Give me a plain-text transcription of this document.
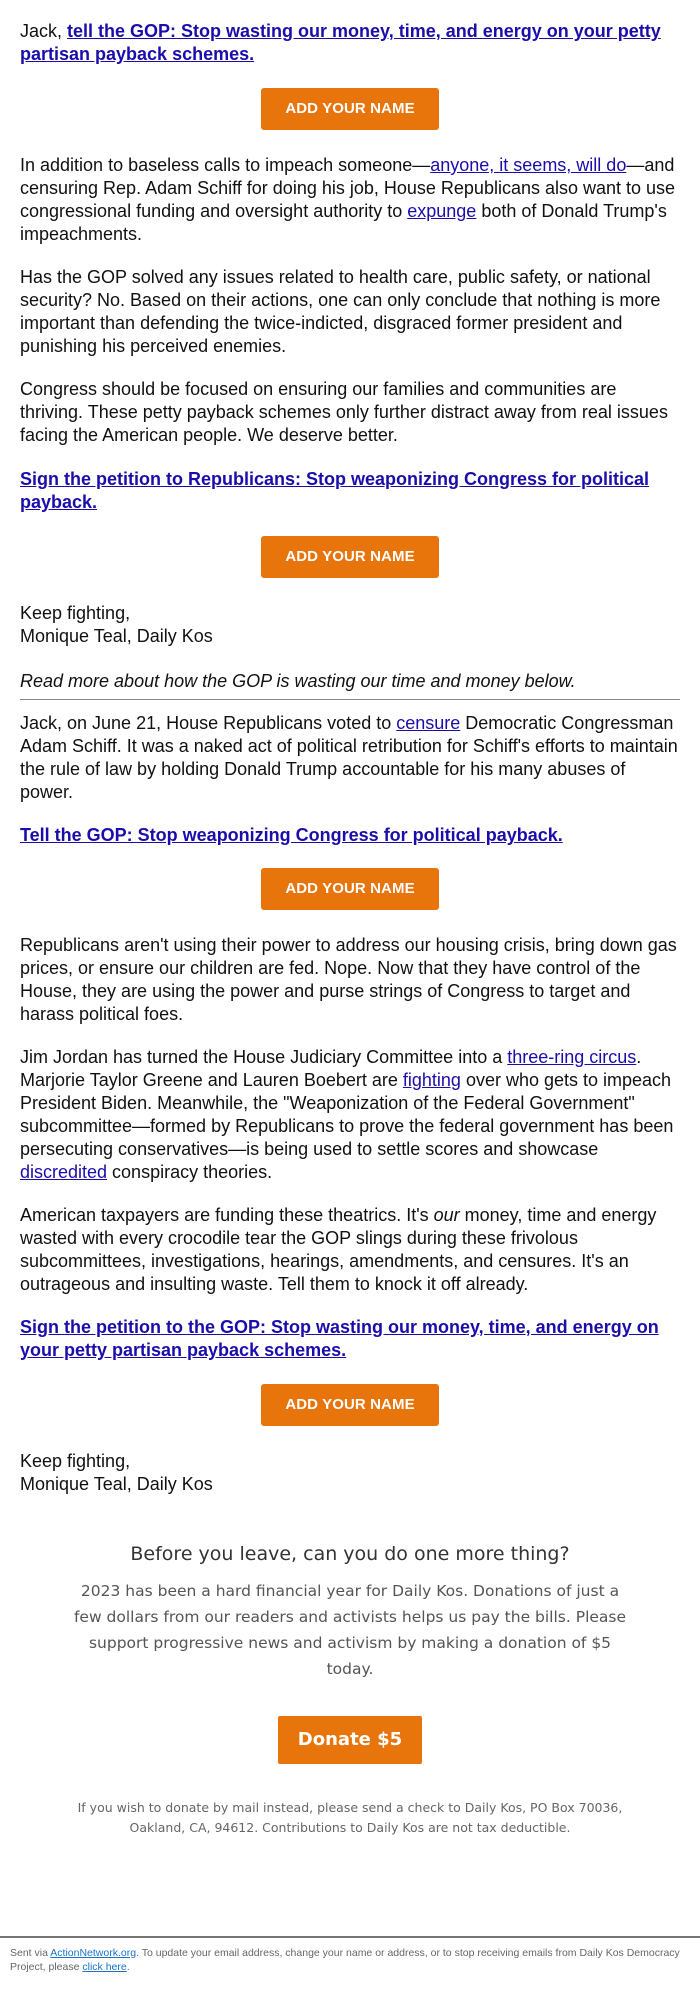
Jack, tell the GOP: Stop wasting our money, time, and energy on your petty partisan payback schemes.

ADD YOUR NAME

In addition to baseless calls to impeach someone—anyone, it seems, will do—and censuring Rep. Adam Schiff for doing his job, House Republicans also want to use congressional funding and oversight authority to expunge both of Donald Trump's impeachments.

Has the GOP solved any issues related to health care, public safety, or national security? No. Based on their actions, one can only conclude that nothing is more important than defending the twice-indicted, disgraced former president and punishing his perceived enemies.

Congress should be focused on ensuring our families and communities are thriving. These petty payback schemes only further distract away from real issues facing the American people. We deserve better.

Sign the petition to Republicans: Stop weaponizing Congress for political payback.

ADD YOUR NAME

Keep fighting,
Monique Teal, Daily Kos

Read more about how the GOP is wasting our time and money below.

Jack, on June 21, House Republicans voted to censure Democratic Congressman Adam Schiff. It was a naked act of political retribution for Schiff's efforts to maintain the rule of law by holding Donald Trump accountable for his many abuses of power.

Tell the GOP: Stop weaponizing Congress for political payback.

ADD YOUR NAME

Republicans aren't using their power to address our housing crisis, bring down gas prices, or ensure our children are fed. Nope. Now that they have control of the House, they are using the power and purse strings of Congress to target and harass political foes.

Jim Jordan has turned the House Judiciary Committee into a three-ring circus. Marjorie Taylor Greene and Lauren Boebert are fighting over who gets to impeach President Biden. Meanwhile, the "Weaponization of the Federal Government" subcommittee—formed by Republicans to prove the federal government has been persecuting conservatives—is being used to settle scores and showcase discredited conspiracy theories.

American taxpayers are funding these theatrics. It's our money, time and energy wasted with every crocodile tear the GOP slings during these frivolous subcommittees, investigations, hearings, amendments, and censures. It's an outrageous and insulting waste. Tell them to knock it off already.

Sign the petition to the GOP: Stop wasting our money, time, and energy on your petty partisan payback schemes.

ADD YOUR NAME

Keep fighting,
Monique Teal, Daily Kos

Before you leave, can you do one more thing?

2023 has been a hard financial year for Daily Kos. Donations of just a few dollars from our readers and activists helps us pay the bills. Please support progressive news and activism by making a donation of $5 today.

Donate $5

If you wish to donate by mail instead, please send a check to Daily Kos, PO Box 70036, Oakland, CA, 94612. Contributions to Daily Kos are not tax deductible.

Sent via ActionNetwork.org. To update your email address, change your name or address, or to stop receiving emails from Daily Kos Democracy Project, please click here.
